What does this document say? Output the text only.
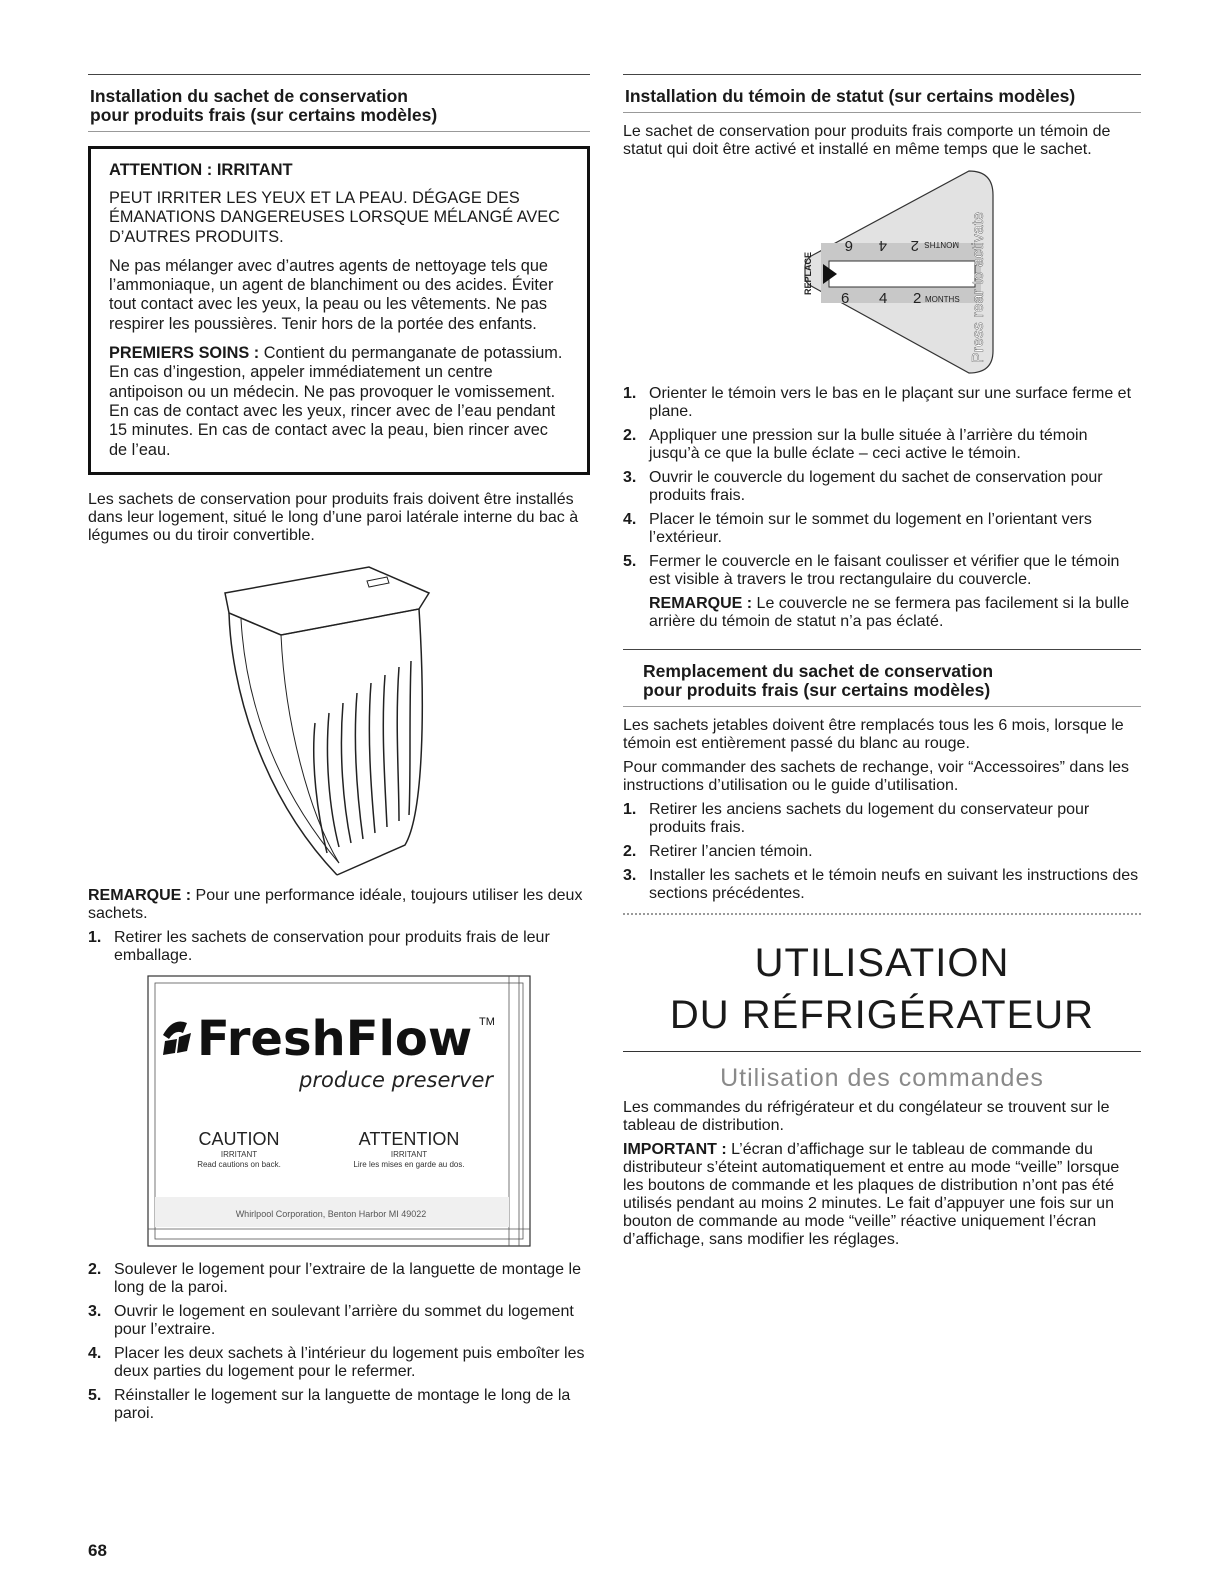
Installation du sachet de conservation
pour produits frais (sur certains modèles)
ATTENTION : IRRITANT

PEUT IRRITER LES YEUX ET LA PEAU. DÉGAGE DES ÉMANATIONS DANGEREUSES LORSQUE MÉLANGÉ AVEC D’AUTRES PRODUITS.

Ne pas mélanger avec d’autres agents de nettoyage tels que l’ammoniaque, un agent de blanchiment ou des acides. Éviter tout contact avec les yeux, la peau ou les vêtements. Ne pas respirer les poussières. Tenir hors de la portée des enfants.

PREMIERS SOINS : Contient du permanganate de potassium. En cas d’ingestion, appeler immédiatement un centre antipoison ou un médecin. Ne pas provoquer le vomissement. En cas de contact avec les yeux, rincer avec de l’eau pendant 15 minutes. En cas de contact avec la peau, bien rincer avec de l’eau.

Les sachets de conservation pour produits frais doivent être installés dans leur logement, situé le long d’une paroi latérale interne du bac à légumes ou du tiroir convertible.

REMARQUE : Pour une performance idéale, toujours utiliser les deux sachets.

1. Retirer les sachets de conservation pour produits frais de leur emballage.
FreshFlow TM
produce preserver
CAUTION
IRRITANT
Read cautions on back.
ATTENTION
IRRITANT
Lire les mises en garde au dos.
Whirlpool Corporation, Benton Harbor MI 49022
2. Soulever le logement pour l’extraire de la languette de montage le long de la paroi.
3. Ouvrir le logement en soulevant l’arrière du sommet du logement pour l’extraire.
4. Placer les deux sachets à l’intérieur du logement puis emboîter les deux parties du logement pour le refermer.
5. Réinstaller le logement sur la languette de montage le long de la paroi.
Installation du témoin de statut (sur certains modèles)

Le sachet de conservation pour produits frais comporte un témoin de statut qui doit être activé et installé en même temps que le sachet.

REPLACE
6 4 2 MONTHS
6 4 2 MONTHS Press rear to activate
1. Orienter le témoin vers le bas en le plaçant sur une surface ferme et plane.
2. Appliquer une pression sur la bulle située à l’arrière du témoin jusqu’à ce que la bulle éclate – ceci active le témoin.
3. Ouvrir le couvercle du logement du sachet de conservation pour produits frais.
4. Placer le témoin sur le sommet du logement en l’orientant vers l’extérieur.
5. Fermer le couvercle en le faisant coulisser et vérifier que le témoin est visible à travers le trou rectangulaire du couvercle.
REMARQUE : Le couvercle ne se fermera pas facilement si la bulle arrière du témoin de statut n’a pas éclaté.
Remplacement du sachet de conservation
pour produits frais (sur certains modèles)

Les sachets jetables doivent être remplacés tous les 6 mois, lorsque le témoin est entièrement passé du blanc au rouge.

Pour commander des sachets de rechange, voir “Accessoires” dans les instructions d’utilisation ou le guide d’utilisation.

1. Retirer les anciens sachets du logement du conservateur pour produits frais.
2. Retirer l’ancien témoin.
3. Installer les sachets et le témoin neufs en suivant les instructions des sections précédentes.
UTILISATION
DU RÉFRIGÉRATEUR
Utilisation des commandes

Les commandes du réfrigérateur et du congélateur se trouvent sur le tableau de distribution.

IMPORTANT : L’écran d’affichage sur le tableau de commande du distributeur s’éteint automatiquement et entre au mode “veille” lorsque les boutons de commande et les plaques de distribution n’ont pas été utilisés pendant au moins 2 minutes. Le fait d’appuyer une fois sur un bouton de commande au mode “veille” réactive uniquement l’écran d’affichage, sans modifier les réglages.

68
